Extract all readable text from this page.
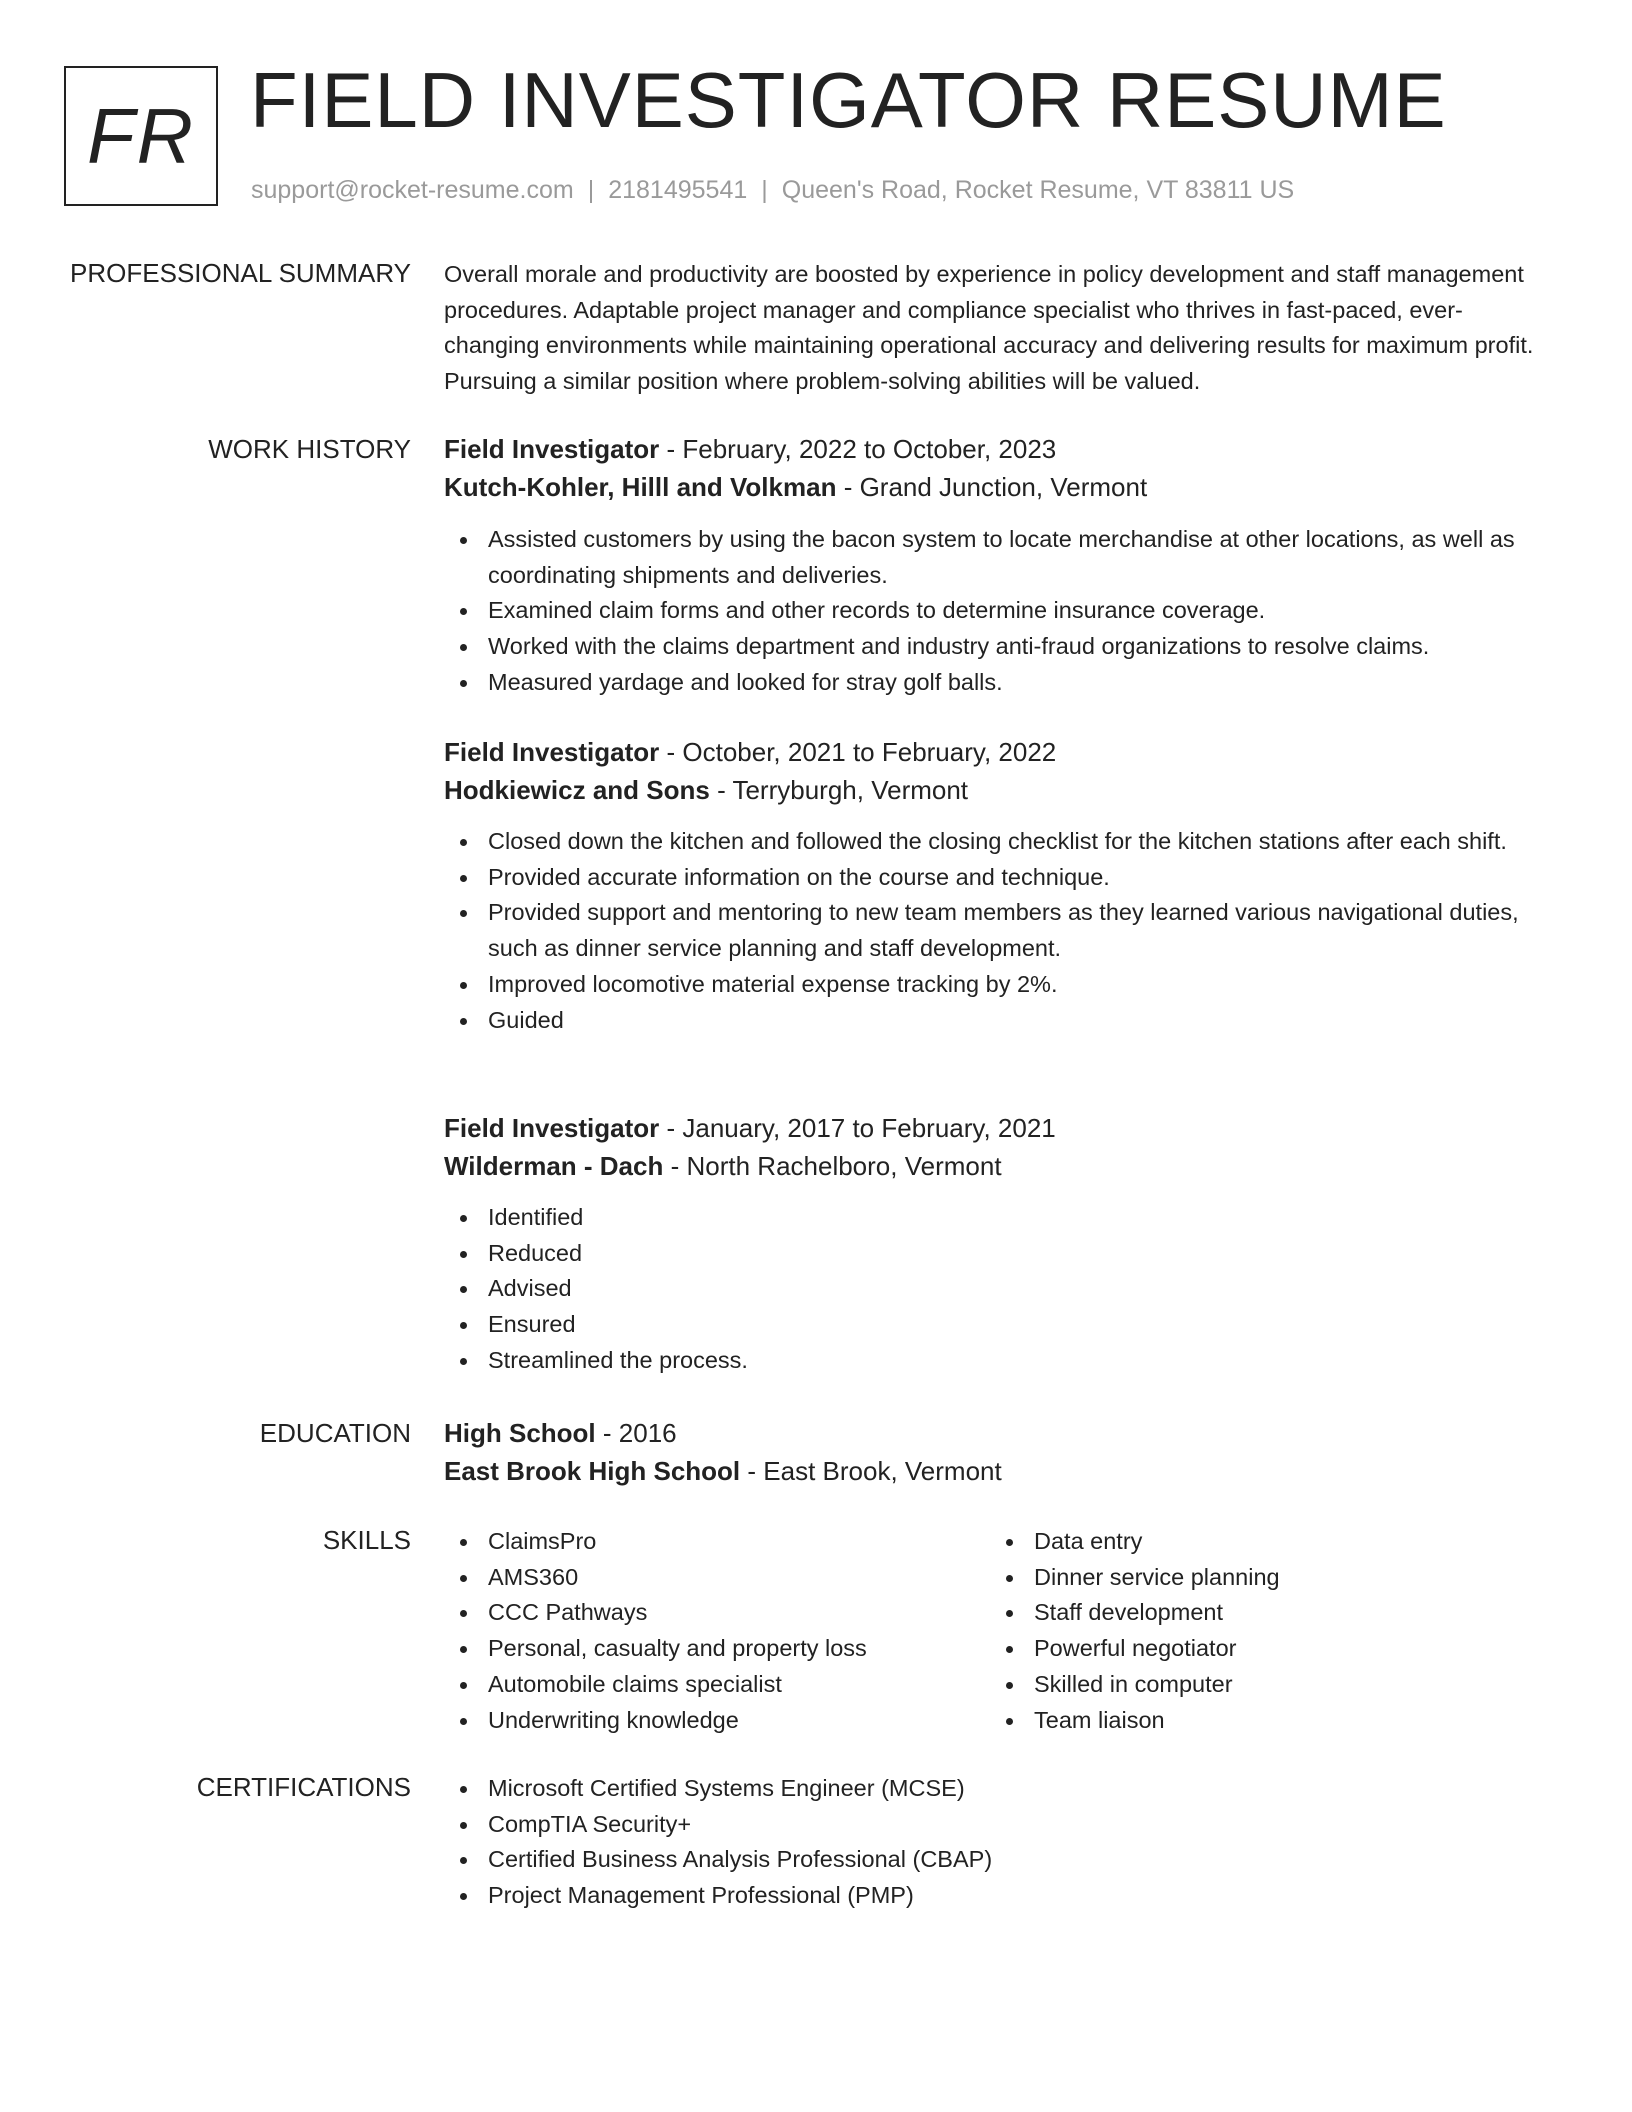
FR FIELD INVESTIGATOR RESUME
support@rocket-resume.com | 2181495541 | Queen's Road, Rocket Resume, VT 83811 US
PROFESSIONAL SUMMARY Overall morale and productivity are boosted by experience in policy development and staff management procedures. Adaptable project manager and compliance specialist who thrives in fast-paced, ever-changing environments while maintaining operational accuracy and delivering results for maximum profit. Pursuing a similar position where problem-solving abilities will be valued.

WORK HISTORY Field Investigator - February, 2022 to October, 2023
Kutch-Kohler, Hilll and Volkman - Grand Junction, Vermont
Assisted customers by using the bacon system to locate merchandise at other locations, as well as coordinating shipments and deliveries.
Examined claim forms and other records to determine insurance coverage.
Worked with the claims department and industry anti-fraud organizations to resolve claims.
Measured yardage and looked for stray golf balls.
Field Investigator - October, 2021 to February, 2022
Hodkiewicz and Sons - Terryburgh, Vermont
Closed down the kitchen and followed the closing checklist for the kitchen stations after each shift.
Provided accurate information on the course and technique.
Provided support and mentoring to new team members as they learned various navigational duties, such as dinner service planning and staff development.
Improved locomotive material expense tracking by 2%.
Guided
Field Investigator - January, 2017 to February, 2021
Wilderman - Dach - North Rachelboro, Vermont
Identified
Reduced
Advised
Ensured
Streamlined the process.
EDUCATION High School - 2016
East Brook High School - East Brook, Vermont
SKILLS	ClaimsPro
AMS360
CCC Pathways
Personal, casualty and property loss
Automobile claims specialist
Underwriting knowledge
Data entry
Dinner service planning
Staff development
Powerful negotiator
Skilled in computer
Team liaison
CERTIFICATIONS	Microsoft Certified Systems Engineer (MCSE)
CompTIA Security+
Certified Business Analysis Professional (CBAP)
Project Management Professional (PMP)
